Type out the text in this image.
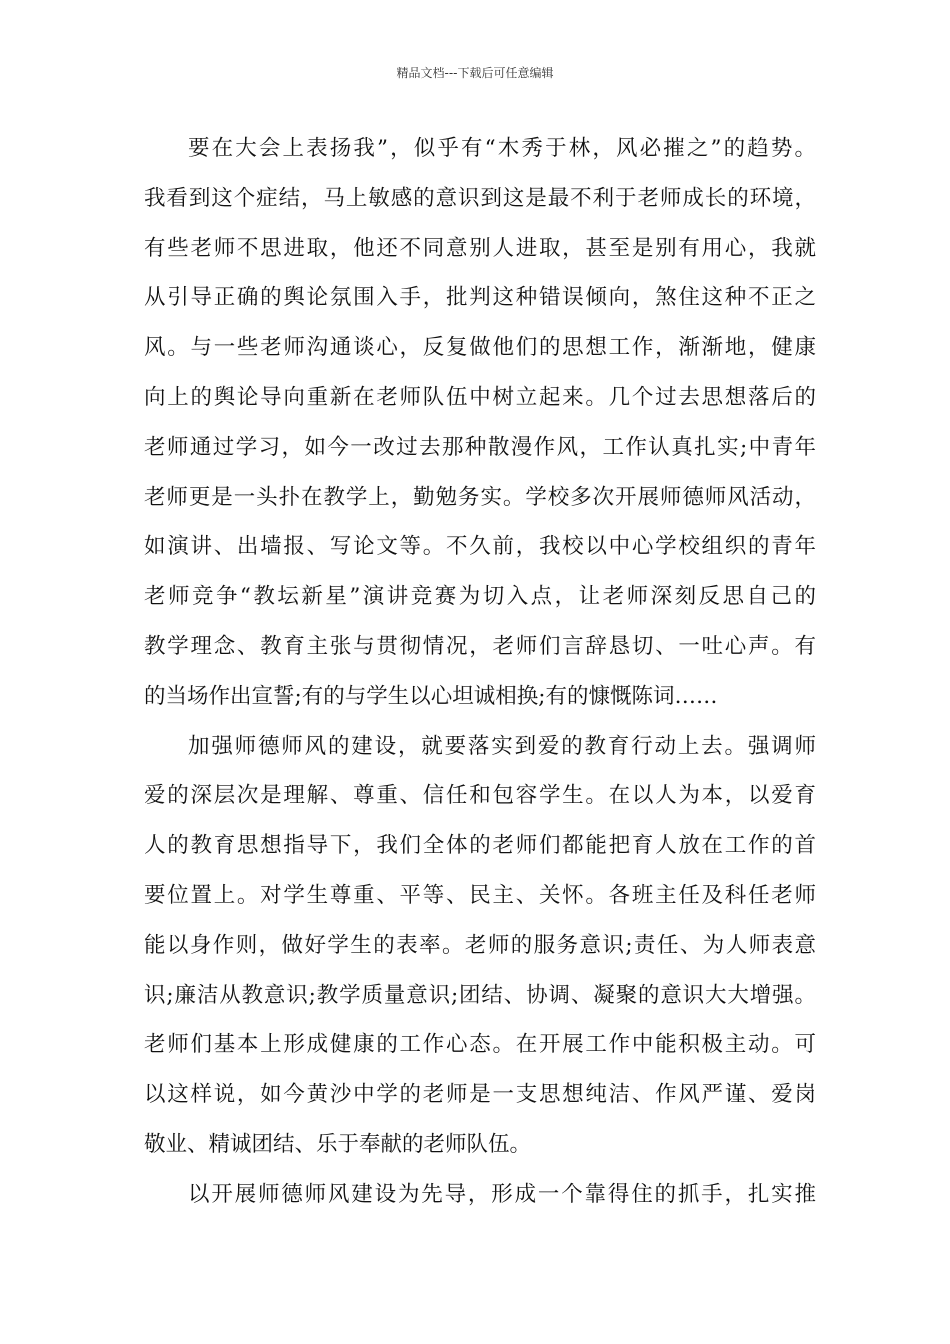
精品文档---下载后可任意编辑
要在大会上表扬我”，似乎有“木秀于林，风必摧之”的趋势。
我看到这个症结，马上敏感的意识到这是最不利于老师成长的环境，
有些老师不思进取，他还不同意别人进取，甚至是别有用心，我就
从引导正确的舆论氛围入手，批判这种错误倾向，煞住这种不正之
风。与一些老师沟通谈心，反复做他们的思想工作，渐渐地，健康
向上的舆论导向重新在老师队伍中树立起来。几个过去思想落后的
老师通过学习，如今一改过去那种散漫作风，工作认真扎实;中青年
老师更是一头扑在教学上，勤勉务实。学校多次开展师德师风活动，
如演讲、出墙报、写论文等。不久前，我校以中心学校组织的青年
老师竞争“教坛新星”演讲竞赛为切入点，让老师深刻反思自己的
教学理念、教育主张与贯彻情况，老师们言辞恳切、一吐心声。有
的当场作出宣誓;有的与学生以心坦诚相换;有的慷慨陈词……
加强师德师风的建设，就要落实到爱的教育行动上去。强调师
爱的深层次是理解、尊重、信任和包容学生。在以人为本，以爱育
人的教育思想指导下，我们全体的老师们都能把育人放在工作的首
要位置上。对学生尊重、平等、民主、关怀。各班主任及科任老师
能以身作则，做好学生的表率。老师的服务意识;责任、为人师表意
识;廉洁从教意识;教学质量意识;团结、协调、凝聚的意识大大增强。
老师们基本上形成健康的工作心态。在开展工作中能积极主动。可
以这样说，如今黄沙中学的老师是一支思想纯洁、作风严谨、爱岗
敬业、精诚团结、乐于奉献的老师队伍。
以开展师德师风建设为先导，形成一个靠得住的抓手，扎实推
